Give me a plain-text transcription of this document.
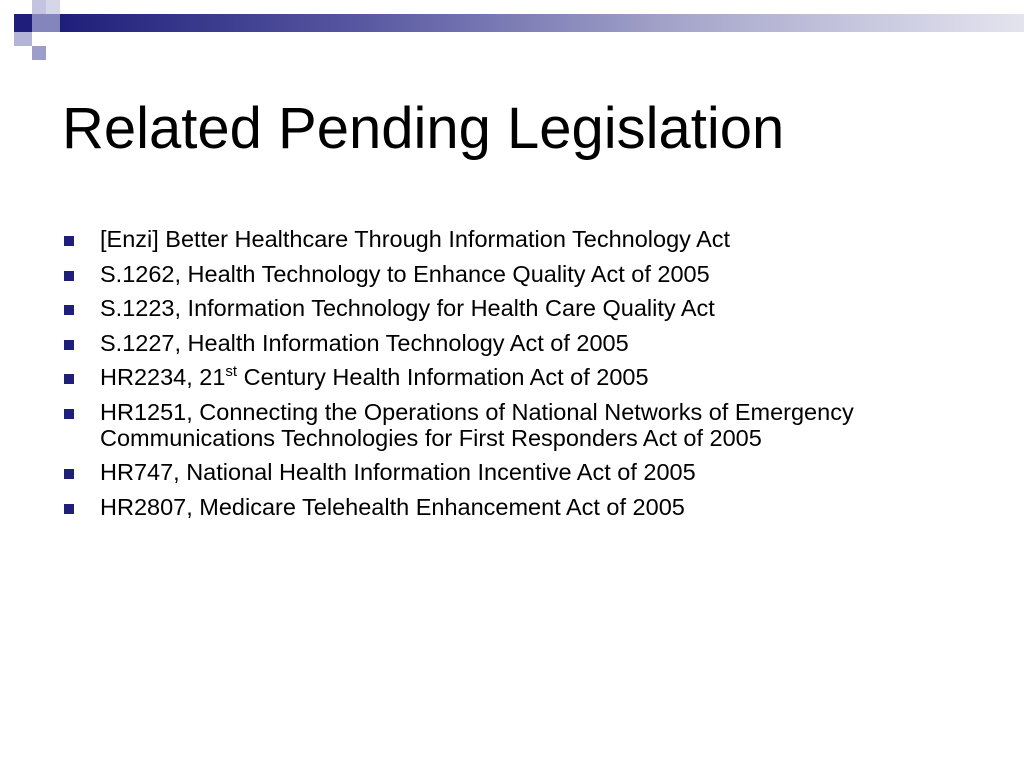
Related Pending Legislation
[Enzi] Better Healthcare Through Information Technology Act
S.1262, Health Technology to Enhance Quality Act of 2005
S.1223, Information Technology for Health Care Quality Act
S.1227, Health Information Technology Act of 2005
HR2234, 21st Century Health Information Act of 2005
HR1251, Connecting the Operations of National Networks of Emergency Communications Technologies for First Responders Act of 2005
HR747, National Health Information Incentive Act of 2005
HR2807, Medicare Telehealth Enhancement Act of 2005
